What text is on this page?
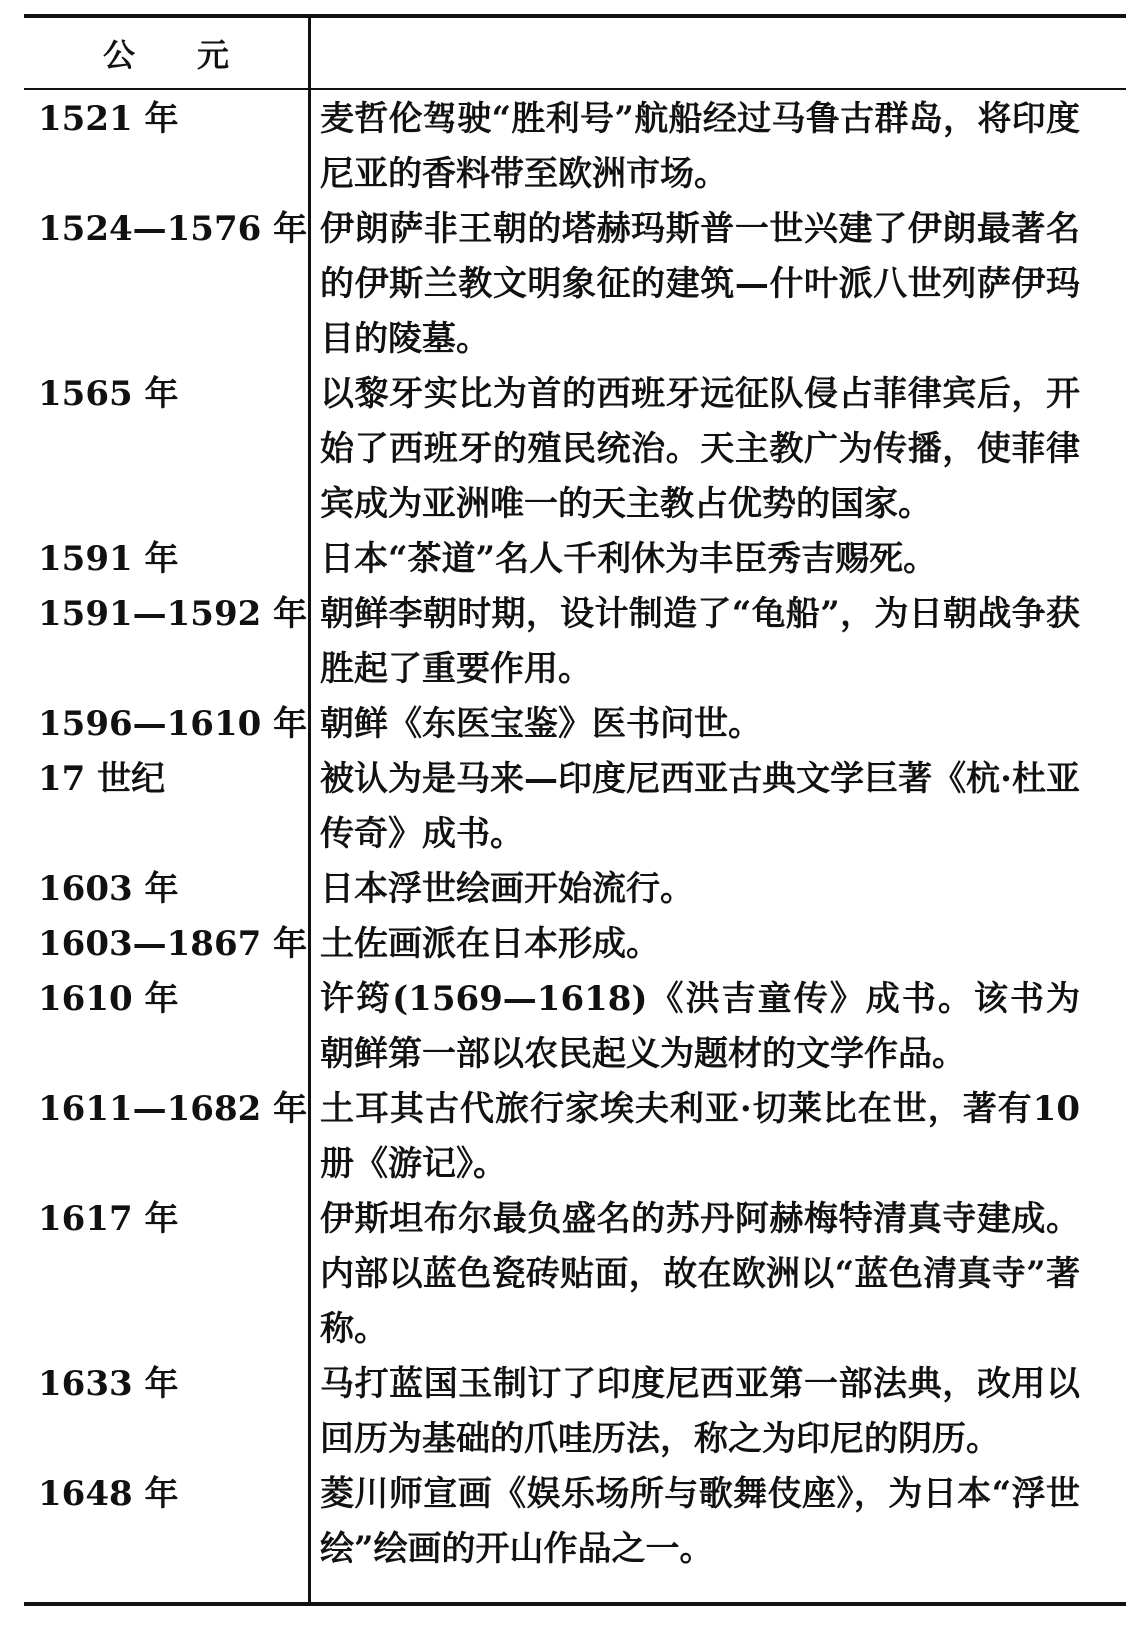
公元
1521 年	麦哲伦驾驶“胜利号”航船经过马鲁古群岛，将印度尼亚的香料带至欧洲市场。
1524—1576 年 伊朗萨非王朝的塔赫玛斯普一世兴建了伊朗最著名的伊斯兰教文明象征的建筑—什叶派八世列萨伊玛目的陵墓。
1565 年	以黎牙实比为首的西班牙远征队侵占菲律宾后，开始了西班牙的殖民统治。天主教广为传播，使菲律宾成为亚洲唯一的天主教占优势的国家。
1591 年	日本“茶道”名人千利休为丰臣秀吉赐死。
1591—1592 年 朝鲜李朝时期，设计制造了“龟船”，为日朝战争获胜起了重要作用。
1596—1610 年 朝鲜《东医宝鉴》医书问世。
17 世纪	被认为是马来—印度尼西亚古典文学巨著《杭·杜亚传奇》成书。
1603 年	日本浮世绘画开始流行。
1603—1867 年 土佐画派在日本形成。
1610 年	许筠(1569—1618)《洪吉童传》成书。该书为朝鲜第一部以农民起义为题材的文学作品。
1611—1682 年 土耳其古代旅行家埃夫利亚·切莱比在世，著有10 册《游记》。
1617 年	伊斯坦布尔最负盛名的苏丹阿赫梅特清真寺建成。内部以蓝色瓷砖贴面，故在欧洲以“蓝色清真寺”著称。
1633 年	马打蓝国玉制订了印度尼西亚第一部法典，改用以回历为基础的爪哇历法，称之为印尼的阴历。
1648 年	菱川师宣画《娱乐场所与歌舞伎座》，为日本“浮世绘”绘画的开山作品之一。
